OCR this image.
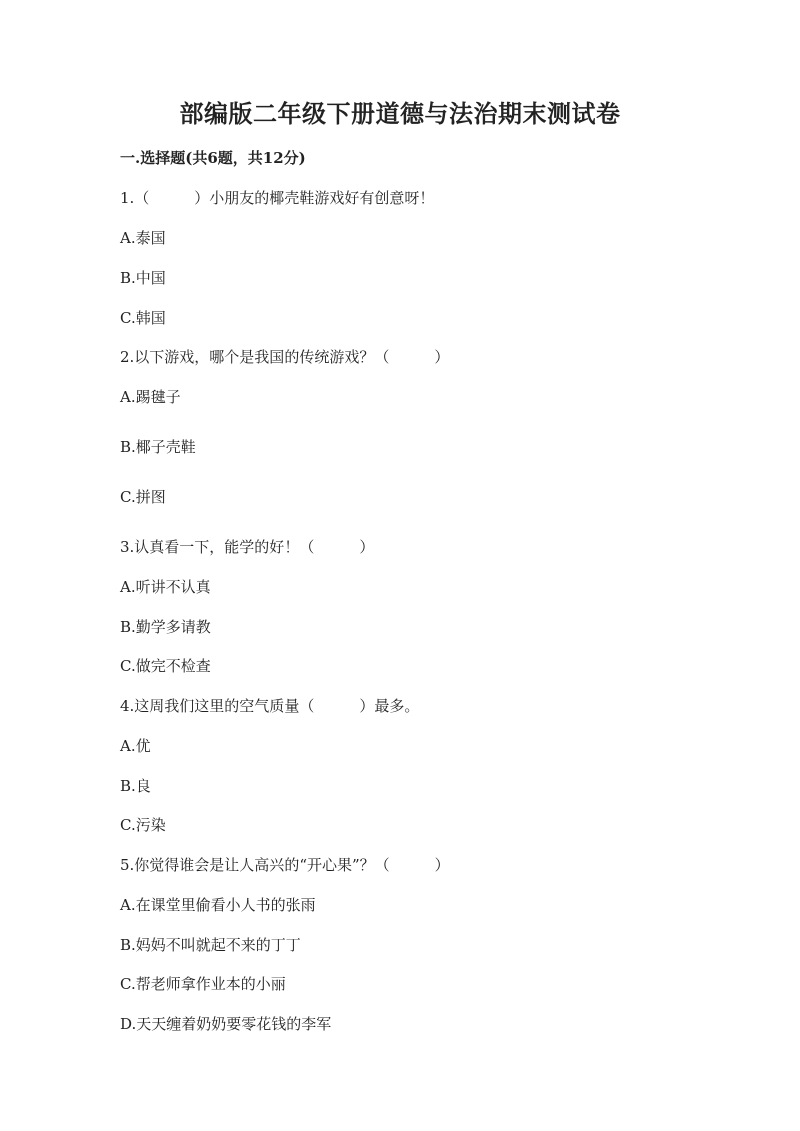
部编版二年级下册道德与法治期末测试卷
一.选择题(共6题，共12分)
1.（　　　）小朋友的椰壳鞋游戏好有创意呀！
A.泰国
B.中国
C.韩国
2.以下游戏，哪个是我国的传统游戏？（　　　）
A.踢毽子
B.椰子壳鞋
C.拼图
3.认真看一下，能学的好！（　　　）
A.听讲不认真
B.勤学多请教
C.做完不检查
4.这周我们这里的空气质量（　　　）最多。
A.优
B.良
C.污染
5.你觉得谁会是让人高兴的“开心果”？（　　　）
A.在课堂里偷看小人书的张雨
B.妈妈不叫就起不来的丁丁
C.帮老师拿作业本的小丽
D.天天缠着奶奶要零花钱的李军
